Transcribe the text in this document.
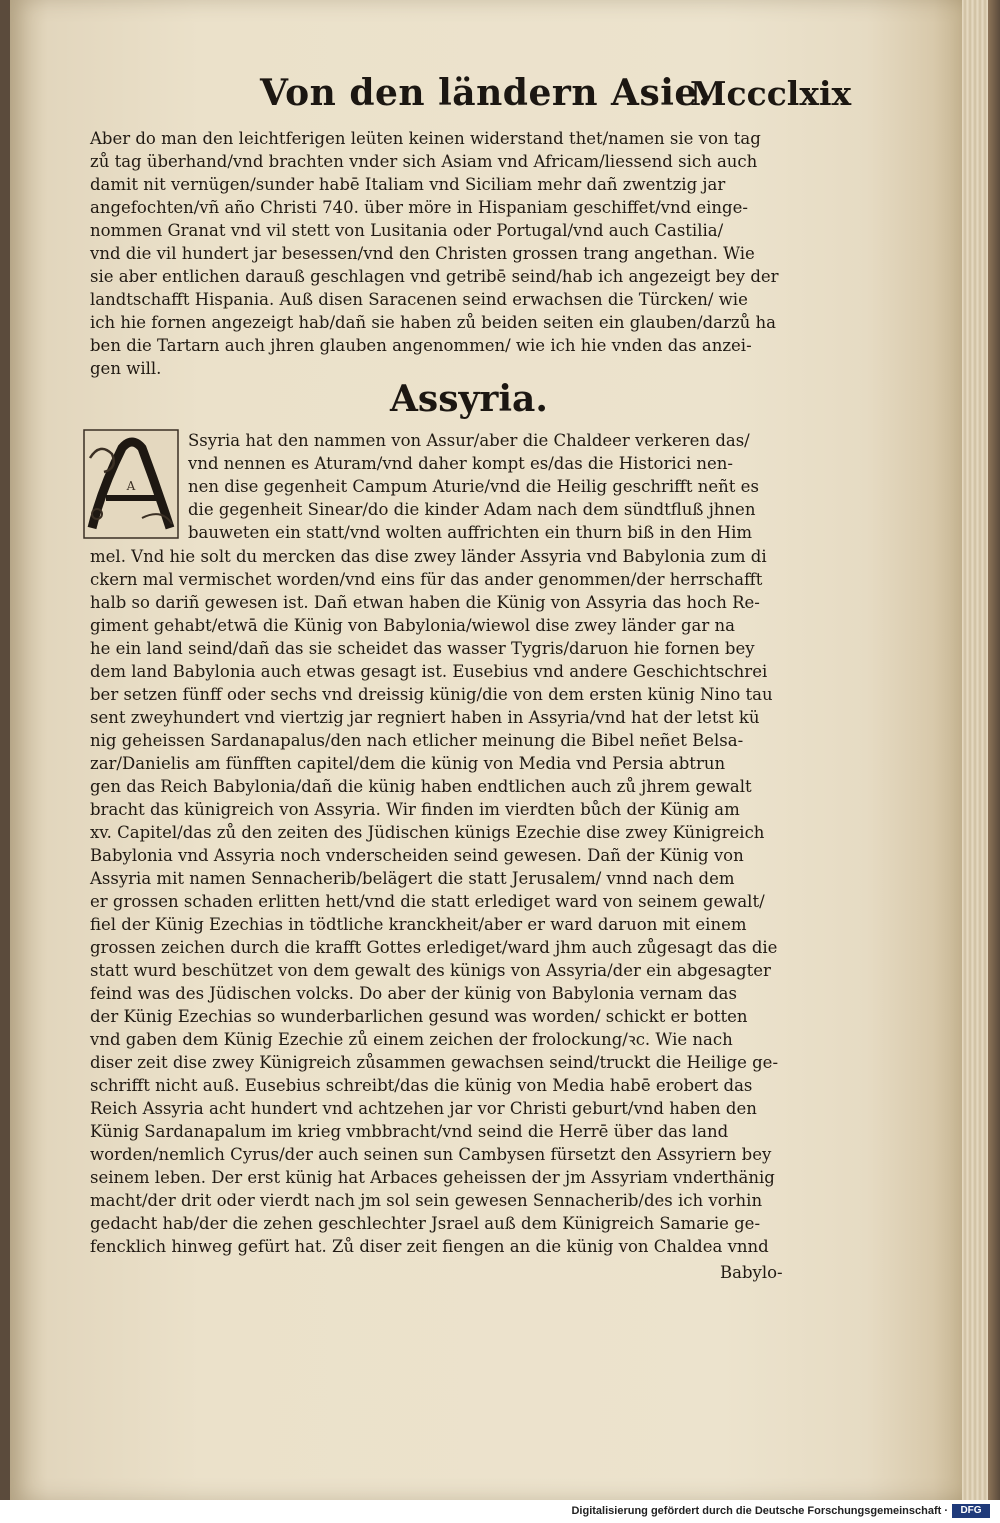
Von den ländern Asie.
Mccclxix
Aber do man den leichtferigen leüten keinen widerstand thet/namen sie von tag
zů tag überhand/vnd brachten vnder sich Asiam vnd Africam/liessend sich auch
damit nit vernügen/sunder habē Italiam vnd Siciliam mehr dañ zwentzig jar
angefochten/vñ año Christi 740. über möre in Hispaniam geschiffet/vnd einge-
nommen Granat vnd vil stett von Lusitania oder Portugal/vnd auch Castilia/
vnd die vil hundert jar besessen/vnd den Christen grossen trang angethan. Wie
sie aber entlichen darauß geschlagen vnd getribē seind/hab ich angezeigt bey der
landtschafft Hispania. Auß disen Saracenen seind erwachsen die Türcken/ wie
ich hie fornen angezeigt hab/dañ sie haben zů beiden seiten ein glauben/darzů ha
ben die Tartarn auch jhren glauben angenommen/ wie ich hie vnden das anzei-
gen will.
Assyria.
A
Ssyria hat den nammen von Assur/aber die Chaldeer verkeren das/
vnd nennen es Aturam/vnd daher kompt es/das die Historici nen-
nen dise gegenheit Campum Aturie/vnd die Heilig geschrifft neñt es
die gegenheit Sinear/do die kinder Adam nach dem sündtfluß jhnen
bauweten ein statt/vnd wolten auffrichten ein thurn biß in den Him
mel. Vnd hie solt du mercken das dise zwey länder Assyria vnd Babylonia zum di
ckern mal vermischet worden/vnd eins für das ander genommen/der herrschafft
halb so dariñ gewesen ist. Dañ etwan haben die Künig von Assyria das hoch Re-
giment gehabt/etwā die Künig von Babylonia/wiewol dise zwey länder gar na
he ein land seind/dañ das sie scheidet das wasser Tygris/daruon hie fornen bey
dem land Babylonia auch etwas gesagt ist. Eusebius vnd andere Geschichtschrei
ber setzen fünff oder sechs vnd dreissig künig/die von dem ersten künig Nino tau
sent zweyhundert vnd viertzig jar regniert haben in Assyria/vnd hat der letst kü
nig geheissen Sardanapalus/den nach etlicher meinung die Bibel neñet Belsa-
zar/Danielis am fünfften capitel/dem die künig von Media vnd Persia abtrun
gen das Reich Babylonia/dañ die künig haben endtlichen auch zů jhrem gewalt
bracht das künigreich von Assyria. Wir finden im vierdten bůch der Künig am
xv. Capitel/das zů den zeiten des Jüdischen künigs Ezechie dise zwey Künigreich
Babylonia vnd Assyria noch vnderscheiden seind gewesen. Dañ der Künig von
Assyria mit namen Sennacherib/belägert die statt Jerusalem/ vnnd nach dem
er grossen schaden erlitten hett/vnd die statt erlediget ward von seinem gewalt/
fiel der Künig Ezechias in tödtliche kranckheit/aber er ward daruon mit einem
grossen zeichen durch die krafft Gottes erlediget/ward jhm auch zůgesagt das die
statt wurd beschützet von dem gewalt des künigs von Assyria/der ein abgesagter
feind was des Jüdischen volcks. Do aber der künig von Babylonia vernam das
der Künig Ezechias so wunderbarlichen gesund was worden/ schickt er botten
vnd gaben dem Künig Ezechie zů einem zeichen der frolockung/ꝛc. Wie nach
diser zeit dise zwey Künigreich zůsammen gewachsen seind/truckt die Heilige ge-
schrifft nicht auß. Eusebius schreibt/das die künig von Media habē erobert das
Reich Assyria acht hundert vnd achtzehen jar vor Christi geburt/vnd haben den
Künig Sardanapalum im krieg vmbbracht/vnd seind die Herrē über das land
worden/nemlich Cyrus/der auch seinen sun Cambysen fürsetzt den Assyriern bey
seinem leben. Der erst künig hat Arbaces geheissen der jm Assyriam vnderthänig
macht/der drit oder vierdt nach jm sol sein gewesen Sennacherib/des ich vorhin
gedacht hab/der die zehen geschlechter Jsrael auß dem Künigreich Samarie ge-
fencklich hinweg gefürt hat. Zů diser zeit fiengen an die künig von Chaldea vnnd
Babylo-
Digitalisierung gefördert durch die Deutsche Forschungsgemeinschaft ·	DFG
